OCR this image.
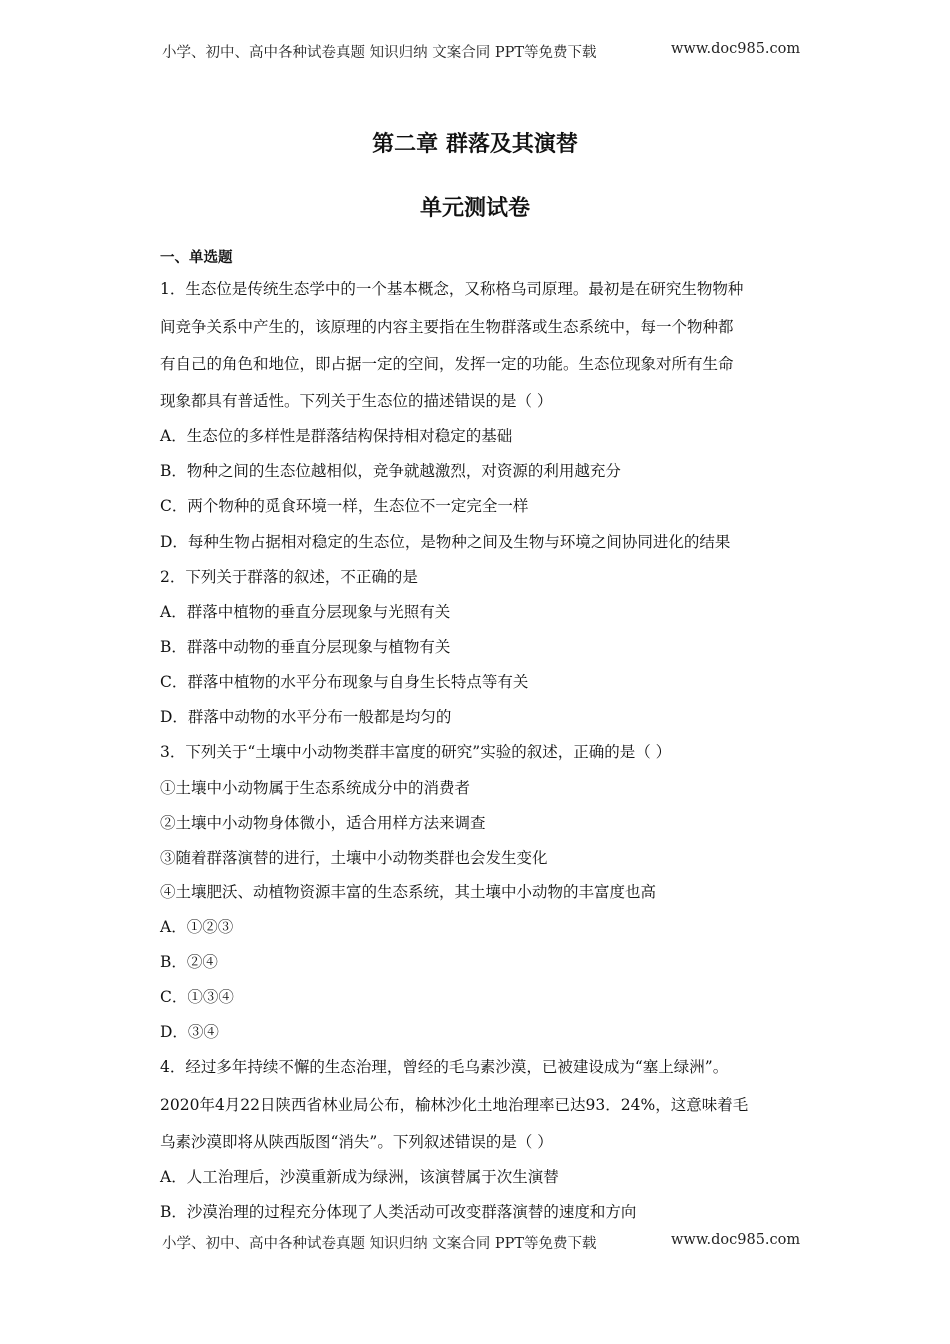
小学、初中、高中各种试卷真题 知识归纳 文案合同 PPT等免费下载	www.doc985.com
第二章 群落及其演替
单元测试卷
一、单选题
1．生态位是传统生态学中的一个基本概念，又称格乌司原理。最初是在研究生物物种
间竞争关系中产生的，该原理的内容主要指在生物群落或生态系统中，每一个物种都
有自己的角色和地位，即占据一定的空间，发挥一定的功能。生态位现象对所有生命
现象都具有普适性。下列关于生态位的描述错误的是（ ）
A．生态位的多样性是群落结构保持相对稳定的基础
B．物种之间的生态位越相似，竞争就越激烈，对资源的利用越充分
C．两个物种的觅食环境一样，生态位不一定完全一样
D．每种生物占据相对稳定的生态位，是物种之间及生物与环境之间协同进化的结果
2．下列关于群落的叙述，不正确的是
A．群落中植物的垂直分层现象与光照有关
B．群落中动物的垂直分层现象与植物有关
C．群落中植物的水平分布现象与自身生长特点等有关
D．群落中动物的水平分布一般都是均匀的
3．下列关于“土壤中小动物类群丰富度的研究”实验的叙述，正确的是（ ）
①土壤中小动物属于生态系统成分中的消费者
②土壤中小动物身体微小，适合用样方法来调查
③随着群落演替的进行，土壤中小动物类群也会发生变化
④土壤肥沃、动植物资源丰富的生态系统，其土壤中小动物的丰富度也高
A．①②③
B．②④
C．①③④
D．③④
4．经过多年持续不懈的生态治理，曾经的毛乌素沙漠，已被建设成为“塞上绿洲”。
2020年4月22日陕西省林业局公布，榆林沙化土地治理率已达93．24%，这意味着毛
乌素沙漠即将从陕西版图“消失”。下列叙述错误的是（ ）
A．人工治理后，沙漠重新成为绿洲，该演替属于次生演替
B．沙漠治理的过程充分体现了人类活动可改变群落演替的速度和方向
小学、初中、高中各种试卷真题 知识归纳 文案合同 PPT等免费下载	www.doc985.com
